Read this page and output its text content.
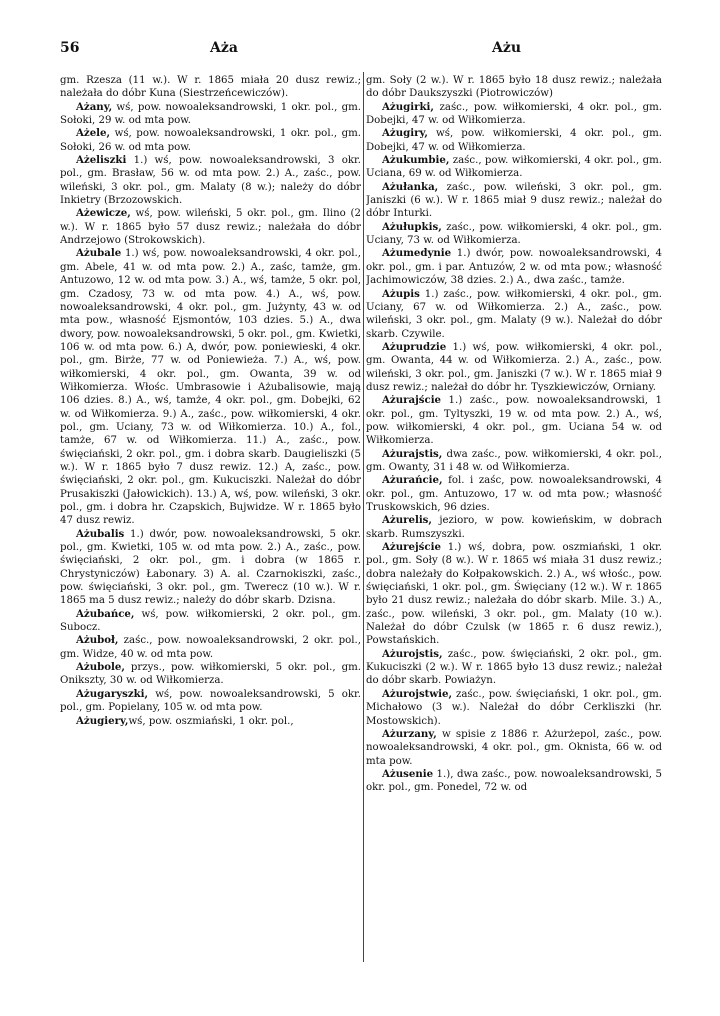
56	Aża	Ażu

gm. Rzesza (11 w.). W r. 1865 miała 20 dusz rewiz.; należała do dóbr Kuna (Siestrzeńcewiczów).

Ażany, wś, pow. nowoaleksandrowski, 1 okr. pol., gm. Sołoki, 29 w. od mta pow.

Ażele, wś, pow. nowoaleksandrowski, 1 okr. pol., gm. Sołoki, 26 w. od mta pow.

Ażeliszki 1.) wś, pow. nowoaleksandrowski, 3 okr. pol., gm. Brasław, 56 w. od mta pow. 2.) A., zaśc., pow. wileński, 3 okr. pol., gm. Malaty (8 w.); należy do dóbr Inkietry (Brzozowskich.

Ażewicze, wś, pow. wileński, 5 okr. pol., gm. Ilino (2 w.). W r. 1865 było 57 dusz rewiz.; należała do dóbr Andrzejowo (Strokowskich).

Ażubale 1.) wś, pow. nowoaleksandrowski, 4 okr. pol., gm. Abele, 41 w. od mta pow. 2.) A., zaśc, tamże, gm. Antuzowo, 12 w. od mta pow. 3.) A., wś, tamże, 5 okr. pol, gm. Czadosy, 73 w. od mta pow. 4.) A., wś, pow. nowoaleksandrowski, 4 okr. pol., gm. Jużynty, 43 w. od mta pow., własność Ejsmontów, 103 dzies. 5.) A., dwa dwory, pow. nowoaleksandrowski, 5 okr. pol., gm. Kwietki, 106 w. od mta pow. 6.) A, dwór, pow. poniewieski, 4 okr. pol., gm. Birże, 77 w. od Poniewieża. 7.) A., wś, pow. wiłkomierski, 4 okr. pol., gm. Owanta, 39 w. od Wiłkomierza. Włośc. Umbrasowie i Ażubalisowie, mają 106 dzies. 8.) A., wś, tamże, 4 okr. pol., gm. Dobejki, 62 w. od Wiłkomierza. 9.) A., zaśc., pow. wiłkomierski, 4 okr. pol., gm. Uciany, 73 w. od Wiłkomierza. 10.) A., fol., tamże, 67 w. od Wiłkomierza. 11.) A., zaśc., pow. święciański, 2 okr. pol., gm. i dobra skarb. Daugieliszki (5 w.). W r. 1865 było 7 dusz rewiz. 12.) A, zaśc., pow. święciański, 2 okr. pol., gm. Kukuciszki. Należał do dóbr Prusakiszki (Jałowickich). 13.) A, wś, pow. wileński, 3 okr. pol., gm. i dobra hr. Czapskich, Bujwidze. W r. 1865 było 47 dusz rewiz.

Ażubalis 1.) dwór, pow. nowoaleksandrowski, 5 okr. pol., gm. Kwietki, 105 w. od mta pow. 2.) A., zaśc., pow. święciański, 2 okr. pol., gm. i dobra (w 1865 r. Chrystyniczów) Łabonary. 3) A. al. Czarnokiszki, zaśc., pow. święciański, 3 okr. pol., gm. Twerecz (10 w.). W r. 1865 ma 5 dusz rewiz.; należy do dóbr skarb. Dzisna.

Ażubańce, wś, pow. wiłkomierski, 2 okr. pol., gm. Subocz.

Ażuboł, zaśc., pow. nowoaleksandrowski, 2 okr. pol., gm. Widze, 40 w. od mta pow.

Ażubole, przys., pow. wiłkomierski, 5 okr. pol., gm. Onikszty, 30 w. od Wiłkomierza.

Ażugaryszki, wś, pow. nowoaleksandrowski, 5 okr. pol., gm. Popielany, 105 w. od mta pow.

Ażugiery,wś, pow. oszmiański, 1 okr. pol.,

gm. Soły (2 w.). W r. 1865 było 18 dusz rewiz.; należała do dóbr Daukszyszki (Piotrowiczów)

Ażugirki, zaśc., pow. wiłkomierski, 4 okr. pol., gm. Dobejki, 47 w. od Wiłkomierza.

Ażugiry, wś, pow. wiłkomierski, 4 okr. pol., gm. Dobejki, 47 w. od Wiłkomierza.

Ażukumbie, zaśc., pow. wiłkomierski, 4 okr. pol., gm. Uciana, 69 w. od Wiłkomierza.

Ażułanka, zaśc., pow. wileński, 3 okr. pol., gm. Janiszki (6 w.). W r. 1865 miał 9 dusz rewiz.; należał do dóbr Inturki.

Ażułupkis, zaśc., pow. wiłkomierski, 4 okr. pol., gm. Uciany, 73 w. od Wiłkomierza.

Ażumedynie 1.) dwór, pow. nowoaleksandrowski, 4 okr. pol., gm. i par. Antuzów, 2 w. od mta pow.; własność Jachimowiczów, 38 dzies. 2.) A., dwa zaśc., tamże.

Ażupis 1.) zaśc., pow. wiłkomierski, 4 okr. pol., gm. Uciany, 67 w. od Wiłkomierza. 2.) A., zaśc., pow. wileński, 3 okr. pol., gm. Malaty (9 w.). Należał do dóbr skarb. Czywile.

Ażuprudzie 1.) wś, pow. wiłkomierski, 4 okr. pol., gm. Owanta, 44 w. od Wiłkomierza. 2.) A., zaśc., pow. wileński, 3 okr. pol., gm. Janiszki (7 w.). W r. 1865 miał 9 dusz rewiz.; należał do dóbr hr. Tyszkiewiczów, Orniany.

Ażurajście 1.) zaśc., pow. nowoaleksandrowski, 1 okr. pol., gm. Tyltyszki, 19 w. od mta pow. 2.) A., wś, pow. wiłkomierski, 4 okr. pol., gm. Uciana 54 w. od Wiłkomierza.

Ażurajstis, dwa zaśc., pow. wiłkomierski, 4 okr. pol., gm. Owanty, 31 i 48 w. od Wiłkomierza.

Ażurańcie, fol. i zaśc, pow. nowoaleksandrowski, 4 okr. pol., gm. Antuzowo, 17 w. od mta pow.; własność Truskowskich, 96 dzies.

Ażurelis, jezioro, w pow. kowieńskim, w dobrach skarb. Rumszyszki.

Ażurejście 1.) wś, dobra, pow. oszmiański, 1 okr. pol., gm. Soły (8 w.). W r. 1865 wś miała 31 dusz rewiz.; dobra należały do Kołpakowskich. 2.) A., wś włośc., pow. święciański, 1 okr. pol., gm. Święciany (12 w.). W r. 1865 było 21 dusz rewiz.; należała do dóbr skarb. Mile. 3.) A., zaśc., pow. wileński, 3 okr. pol., gm. Malaty (10 w.). Należał do dóbr Czulsk (w 1865 r. 6 dusz rewiz.), Powstańskich.

Ażurojstis, zaśc., pow. święciański, 2 okr. pol., gm. Kukuciszki (2 w.). W r. 1865 było 13 dusz rewiz.; należał do dóbr skarb. Powiażyn.

Ażurojstwie, zaśc., pow. święciański, 1 okr. pol., gm. Michałowo (3 w.). Należał do dóbr Cerkliszki (hr. Mostowskich).

Ażurzany, w spisie z 1886 r. Ażurżepol, zaśc., pow. nowoaleksandrowski, 4 okr. pol., gm. Oknista, 66 w. od mta pow.

Ażusenie 1.), dwa zaśc., pow. nowoaleksandrowski, 5 okr. pol., gm. Ponedel, 72 w. od
